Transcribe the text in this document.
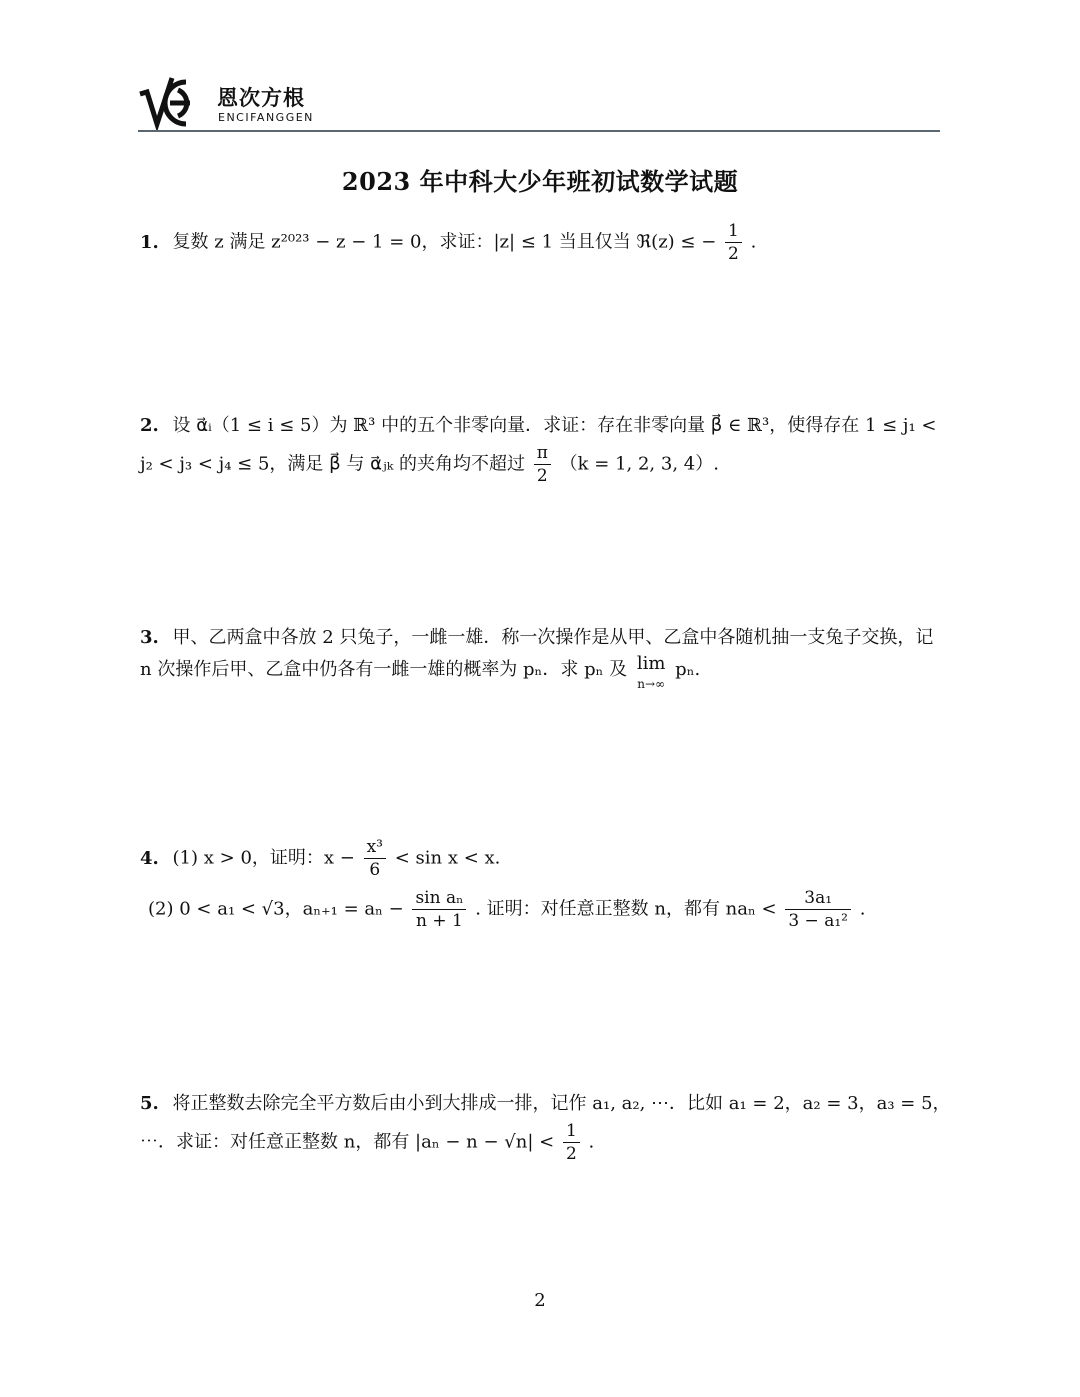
恩次方根
ENCIFANGGEN
2023 年中科大少年班初试数学试题
1. 复数 z 满足 z²⁰²³ − z − 1 = 0，求证：|z| ≤ 1 当且仅当 ℜ(z) ≤ − $\frac{1}{2}$ .
2. 设 α⃗ᵢ（1 ≤ i ≤ 5）为 ℝ³ 中的五个非零向量．求证：存在非零向量 β⃗ ∈ ℝ³，使得存在 1 ≤ j₁ <
j₂ < j₃ < j₄ ≤ 5，满足 β⃗ 与 α⃗ⱼₖ 的夹角均不超过 $\frac{\pi}{2} (k = 1$, 2, 3, 4）.
3. 甲、乙两盒中各放 2 只兔子，一雌一雄．称一次操作是从甲、乙盒中各随机抽一支兔子交换，记
n 次操作后甲、乙盒中仍各有一雌一雄的概率为 pₙ．求 pₙ 及 lim
n→∞
pₙ.
4. (1) x > 0，证明：$x - \frac{\text{x³}}{6} < \sin x < x$.
(2) 0 < a₁ < √3，$a_{n+1} = a_n - \frac{\text{sin aₙ}}{n + 1}$ . 证明：对任意正整数 n，都有 $na_n < \frac{\text{3a₁}}{\text{3 − a₁²}}$ .
5. 将正整数去除完全平方数后由小到大排成一排，记作 a₁, a₂, ⋯．比如 a₁ = 2，a₂ = 3，a₃ = 5，
⋯．求证：对任意正整数 n，都有 $|a_n - n - √n| < \frac{1}{2}$ .
2
